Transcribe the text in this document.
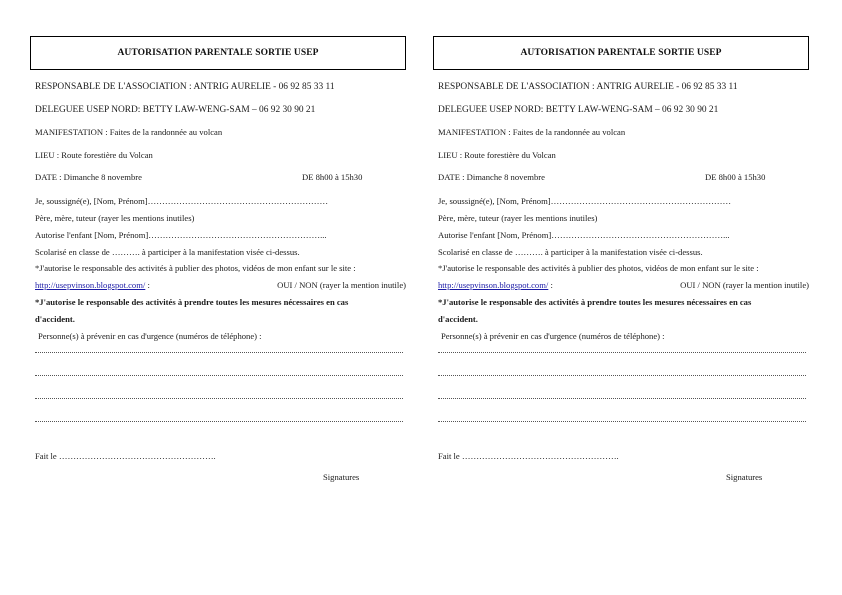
AUTORISATION PARENTALE SORTIE USEP
RESPONSABLE DE L'ASSOCIATION : ANTRIG AURELIE - 06 92 85 33 11
DELEGUEE USEP NORD: BETTY LAW-WENG-SAM – 06 92 30 90 21
MANIFESTATION : Faites de la randonnée au volcan
LIEU : Route forestière du Volcan
DATE : Dimanche 8 novembre	DE 8h00 à 15h30
Je, soussigné(e), [Nom, Prénom]………………………………………………………
Père, mère, tuteur (rayer les mentions inutiles)
Autorise l'enfant [Nom, Prénom]……………………………………………………...
Scolarisé en classe de ………. à participer à la manifestation visée ci-dessus.
*J'autorise le responsable des activités à publier des photos, vidéos de mon enfant sur le site :
http://usepvinson.blogspot.com/ :	OUI / NON (rayer la mention inutile)
*J'autorise le responsable des activités à prendre toutes les mesures nécessaires en cas
d'accident.
Personne(s) à prévenir en cas d'urgence (numéros de téléphone) :
Fait le ……………………………………………….
Signatures
AUTORISATION PARENTALE SORTIE USEP
RESPONSABLE DE L'ASSOCIATION : ANTRIG AURELIE - 06 92 85 33 11
DELEGUEE USEP NORD: BETTY LAW-WENG-SAM – 06 92 30 90 21
MANIFESTATION : Faites de la randonnée au volcan
LIEU : Route forestière du Volcan
DATE : Dimanche 8 novembre	DE 8h00 à 15h30
Je, soussigné(e), [Nom, Prénom]………………………………………………………
Père, mère, tuteur (rayer les mentions inutiles)
Autorise l'enfant [Nom, Prénom]……………………………………………………...
Scolarisé en classe de ………. à participer à la manifestation visée ci-dessus.
*J'autorise le responsable des activités à publier des photos, vidéos de mon enfant sur le site :
http://usepvinson.blogspot.com/ :	OUI / NON (rayer la mention inutile)
*J'autorise le responsable des activités à prendre toutes les mesures nécessaires en cas
d'accident.
Personne(s) à prévenir en cas d'urgence (numéros de téléphone) :
Fait le ……………………………………………….
Signatures
